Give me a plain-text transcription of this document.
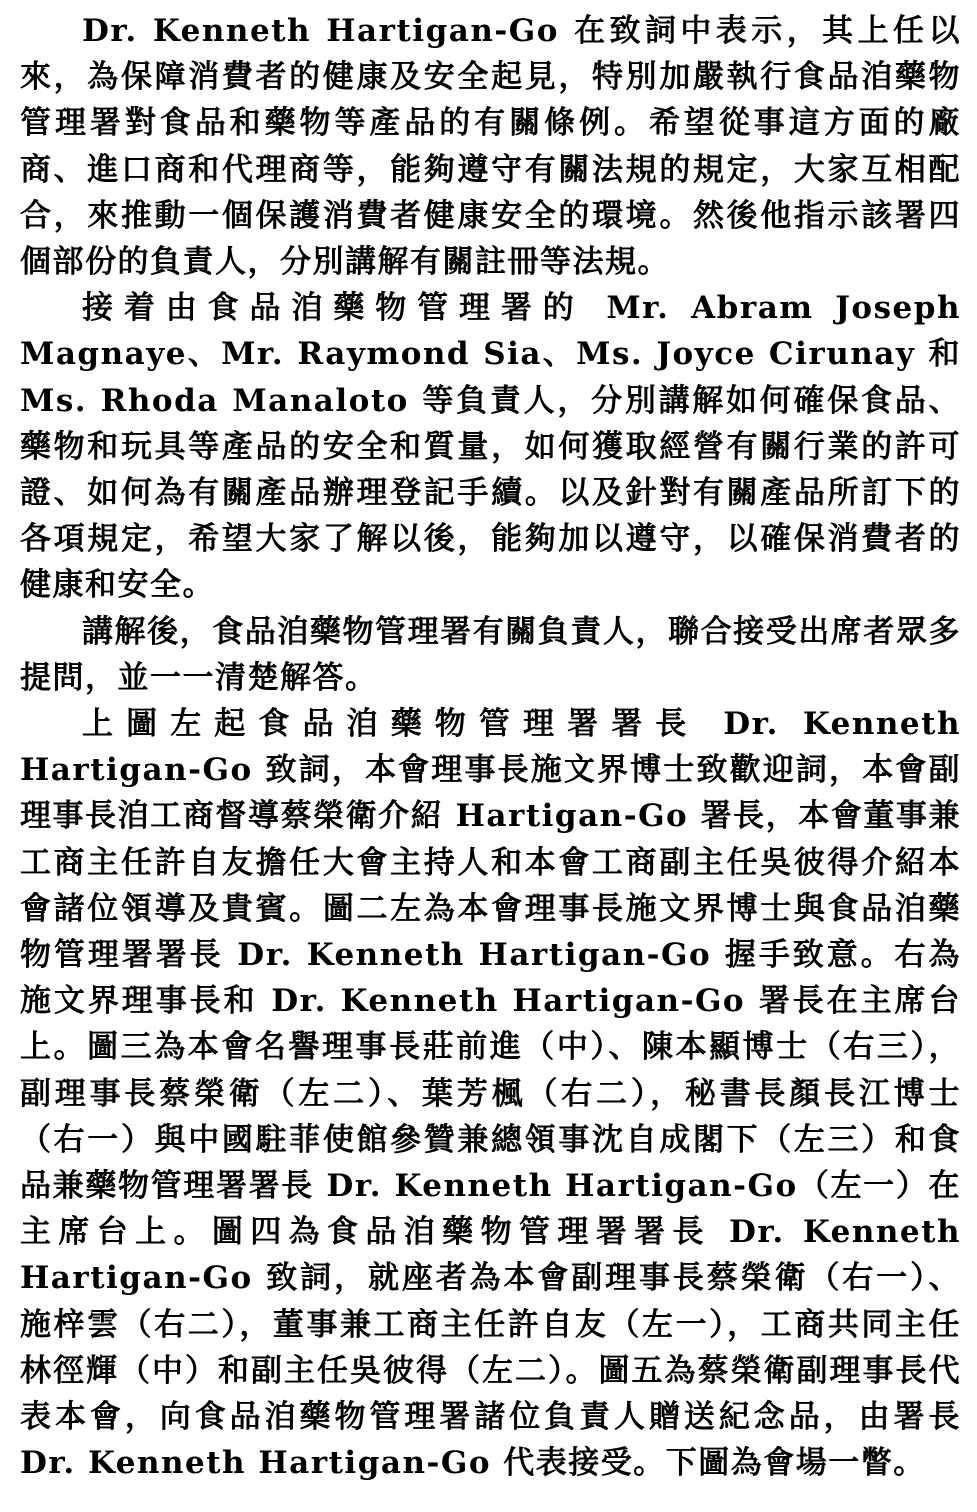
Dr. Kenneth Hartigan-Go 在致詞中表示，其上任以來，為保障消費者的健康及安全起見，特別加嚴執行食品洎藥物管理署對食品和藥物等產品的有關條例。希望從事這方面的廠商、進口商和代理商等，能夠遵守有關法規的規定，大家互相配合，來推動一個保護消費者健康安全的環境。然後他指示該署四個部份的負責人，分別講解有關註冊等法規。

接着由食品洎藥物管理署的 Mr. Abram Joseph Magnaye、Mr. Raymond Sia、Ms. Joyce Cirunay 和 Ms. Rhoda Manaloto 等負責人，分別講解如何確保食品、藥物和玩具等產品的安全和質量，如何獲取經營有關行業的許可證、如何為有關產品辦理登記手續。以及針對有關產品所訂下的各項規定，希望大家了解以後，能夠加以遵守，以確保消費者的健康和安全。

講解後，食品洎藥物管理署有關負責人，聯合接受出席者眾多提問，並一一清楚解答。

上圖左起食品洎藥物管理署署長 Dr. Kenneth Hartigan-Go 致詞，本會理事長施文界博士致歡迎詞，本會副理事長洎工商督導蔡榮衛介紹 Hartigan-Go 署長，本會董事兼工商主任許自友擔任大會主持人和本會工商副主任吳彼得介紹本會諸位領導及貴賓。圖二左為本會理事長施文界博士與食品洎藥物管理署署長 Dr. Kenneth Hartigan-Go 握手致意。右為施文界理事長和 Dr. Kenneth Hartigan-Go 署長在主席台上。圖三為本會名譽理事長莊前進（中）、陳本顯博士（右三），副理事長蔡榮衛（左二）、葉芳楓（右二），秘書長顏長江博士（右一）與中國駐菲使館參贊兼總領事沈自成閣下（左三）和食品兼藥物管理署署長 Dr. Kenneth Hartigan-Go（左一）在主席台上。圖四為食品洎藥物管理署署長 Dr. Kenneth Hartigan-Go 致詞，就座者為本會副理事長蔡榮衛（右一）、施梓雲（右二），董事兼工商主任許自友（左一），工商共同主任林徑輝（中）和副主任吳彼得（左二）。圖五為蔡榮衛副理事長代表本會，向食品洎藥物管理署諸位負責人贈送紀念品，由署長 Dr. Kenneth Hartigan-Go 代表接受。下圖為會場一瞥。
